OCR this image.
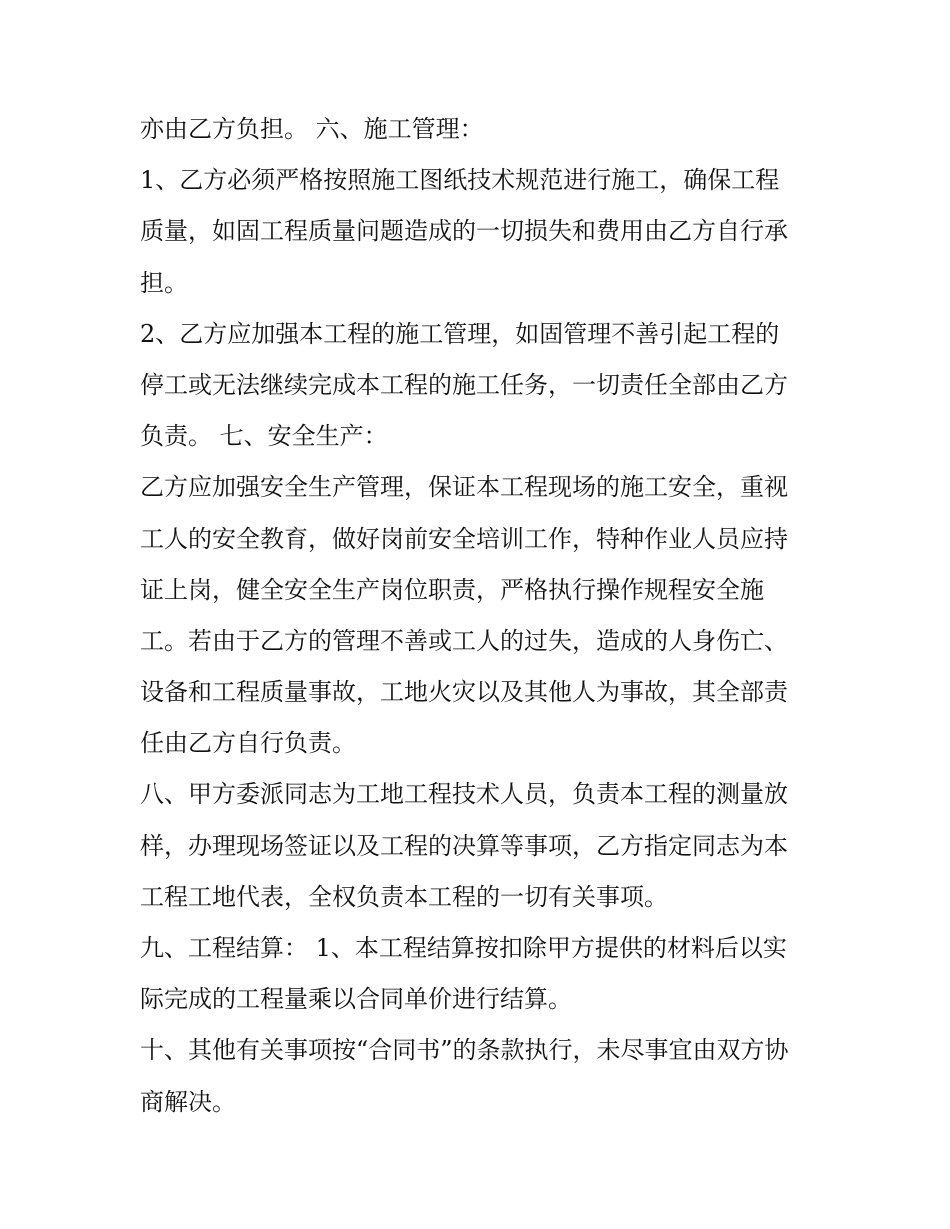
亦由乙方负担。 六、施工管理：
1、乙方必须严格按照施工图纸技术规范进行施工，确保工程
质量，如固工程质量问题造成的一切损失和费用由乙方自行承
担。
2、乙方应加强本工程的施工管理，如固管理不善引起工程的
停工或无法继续完成本工程的施工任务，一切责任全部由乙方
负责。 七、安全生产：
乙方应加强安全生产管理，保证本工程现场的施工安全，重视
工人的安全教育，做好岗前安全培训工作，特种作业人员应持
证上岗，健全安全生产岗位职责，严格执行操作规程安全施
工。若由于乙方的管理不善或工人的过失，造成的人身伤亡、
设备和工程质量事故，工地火灾以及其他人为事故，其全部责
任由乙方自行负责。
八、甲方委派同志为工地工程技术人员，负责本工程的测量放
样，办理现场签证以及工程的决算等事项，乙方指定同志为本
工程工地代表，全权负责本工程的一切有关事项。
九、工程结算： 1、本工程结算按扣除甲方提供的材料后以实
际完成的工程量乘以合同单价进行结算。
十、其他有关事项按“合同书”的条款执行，未尽事宜由双方协
商解决。
